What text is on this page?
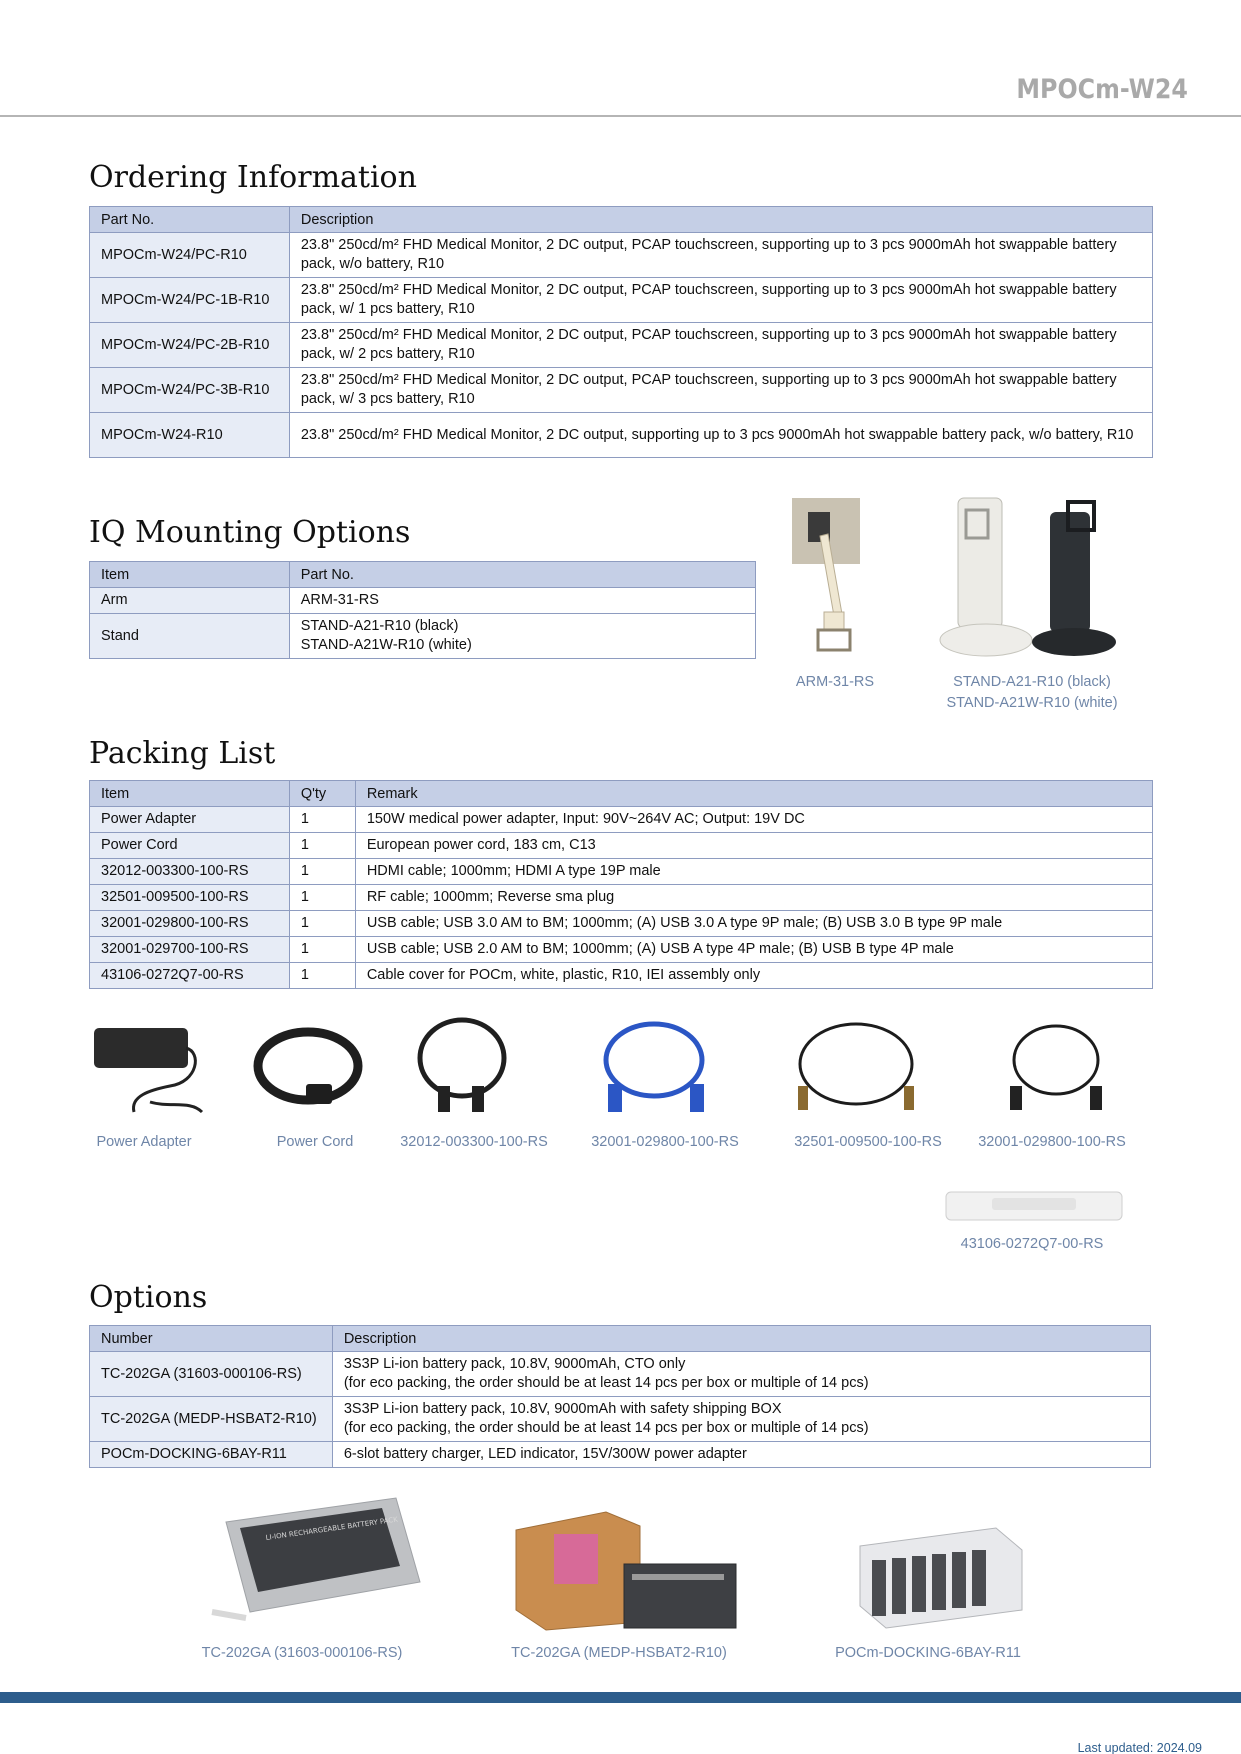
MPOCm-W24
Ordering Information
Part No.	Description
MPOCm-W24/PC-R10	23.8" 250cd/m² FHD Medical Monitor, 2 DC output, PCAP touchscreen, supporting up to 3 pcs 9000mAh hot swappable battery pack, w/o battery, R10
MPOCm-W24/PC-1B-R10	23.8" 250cd/m² FHD Medical Monitor, 2 DC output, PCAP touchscreen, supporting up to 3 pcs 9000mAh hot swappable battery pack, w/ 1 pcs battery, R10
MPOCm-W24/PC-2B-R10	23.8" 250cd/m² FHD Medical Monitor, 2 DC output, PCAP touchscreen, supporting up to 3 pcs 9000mAh hot swappable battery pack, w/ 2 pcs battery, R10
MPOCm-W24/PC-3B-R10	23.8" 250cd/m² FHD Medical Monitor, 2 DC output, PCAP touchscreen, supporting up to 3 pcs 9000mAh hot swappable battery pack, w/ 3 pcs battery, R10
MPOCm-W24-R10	23.8" 250cd/m² FHD Medical Monitor, 2 DC output, supporting up to 3 pcs 9000mAh hot swappable battery pack, w/o battery, R10
IQ Mounting Options
Item	Part No.
Arm	ARM-31-RS
Stand	STAND-A21-R10 (black)
STAND-A21W-R10 (white)
ARM-31-RS	STAND-A21-R10 (black)
STAND-A21W-R10 (white)
Packing List
Item	Q'ty	Remark
Power Adapter	1	150W medical power adapter, Input: 90V~264V AC; Output: 19V DC
Power Cord	1	European power cord, 183 cm, C13
32012-003300-100-RS	1	HDMI cable; 1000mm; HDMI A type 19P male
32501-009500-100-RS	1	RF cable; 1000mm; Reverse sma plug
32001-029800-100-RS	1	USB cable; USB 3.0 AM to BM; 1000mm; (A) USB 3.0 A type 9P male; (B) USB 3.0 B type 9P male
32001-029700-100-RS	1	USB cable; USB 2.0 AM to BM; 1000mm; (A) USB A type 4P male; (B) USB B type 4P male
43106-0272Q7-00-RS	1	Cable cover for POCm, white, plastic, R10, IEI assembly only
Power Adapter	Power Cord	32012-003300-100-RS	32001-029800-100-RS	32501-009500-100-RS	32001-029800-100-RS
43106-0272Q7-00-RS
Options
Number	Description
TC-202GA (31603-000106-RS)	3S3P Li-ion battery pack, 10.8V, 9000mAh, CTO only
(for eco packing, the order should be at least 14 pcs per box or multiple of 14 pcs)

TC-202GA (MEDP-HSBAT2-R10)	3S3P Li-ion battery pack, 10.8V, 9000mAh with safety shipping BOX
(for eco packing, the order should be at least 14 pcs per box or multiple of 14 pcs)

POCm-DOCKING-6BAY-R11	6-slot battery charger, LED indicator, 15V/300W power adapter
LI-ION RECHARGEABLE BATTERY PACK
TC-202GA (31603-000106-RS)	TC-202GA (MEDP-HSBAT2-R10)	POCm-DOCKING-6BAY-R11
Last updated: 2024.09
